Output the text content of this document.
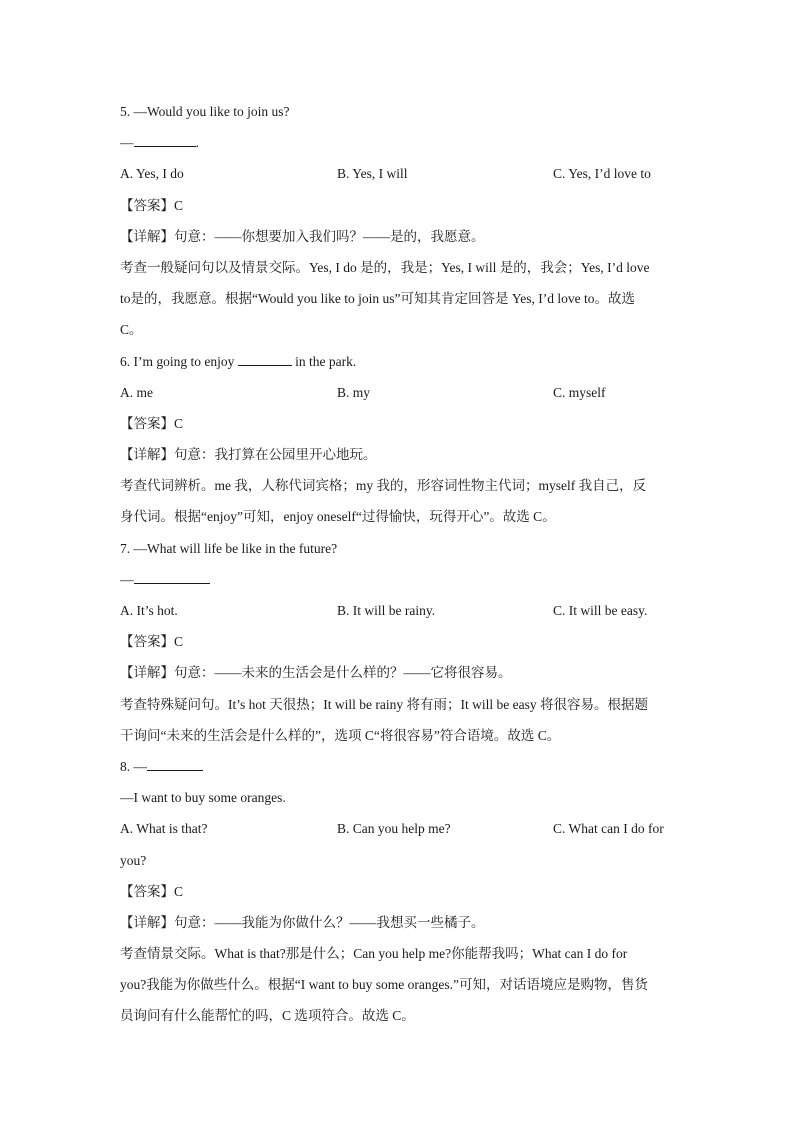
5. —Would you like to join us?
—	.
A. Yes, I do	B. Yes, I will	C. Yes, I’d love to
【答案】C
【详解】句意：——你想要加入我们吗？——是的，我愿意。
考查一般疑问句以及情景交际。Yes, I do 是的，我是；Yes, I will 是的，我会；Yes, I’d love
to是的，我愿意。根据“Would you like to join us”可知其肯定回答是 Yes, I’d love to。故选
C。
6. I’m going to enjoy	in the park.
A. me	B. my	C. myself
【答案】C
【详解】句意：我打算在公园里开心地玩。
考查代词辨析。me 我，人称代词宾格；my 我的，形容词性物主代词；myself 我自己，反
身代词。根据“enjoy”可知，enjoy oneself“过得愉快，玩得开心”。故选 C。
7. —What will life be like in the future?
—
A. It’s hot.	B. It will be rainy.	C. It will be easy.
【答案】C
【详解】句意：——未来的生活会是什么样的？——它将很容易。
考查特殊疑问句。It’s hot 天很热；It will be rainy 将有雨；It will be easy 将很容易。根据题
干询问“未来的生活会是什么样的”，选项 C“将很容易”符合语境。故选 C。
8. —
—I want to buy some oranges.
A. What is that?	B. Can you help me?	C. What can I do for
you?
【答案】C
【详解】句意：——我能为你做什么？——我想买一些橘子。
考查情景交际。What is that?那是什么；Can you help me?你能帮我吗；What can I do for
you?我能为你做些什么。根据“I want to buy some oranges.”可知，对话语境应是购物，售货
员询问有什么能帮忙的吗，C 选项符合。故选 C。
